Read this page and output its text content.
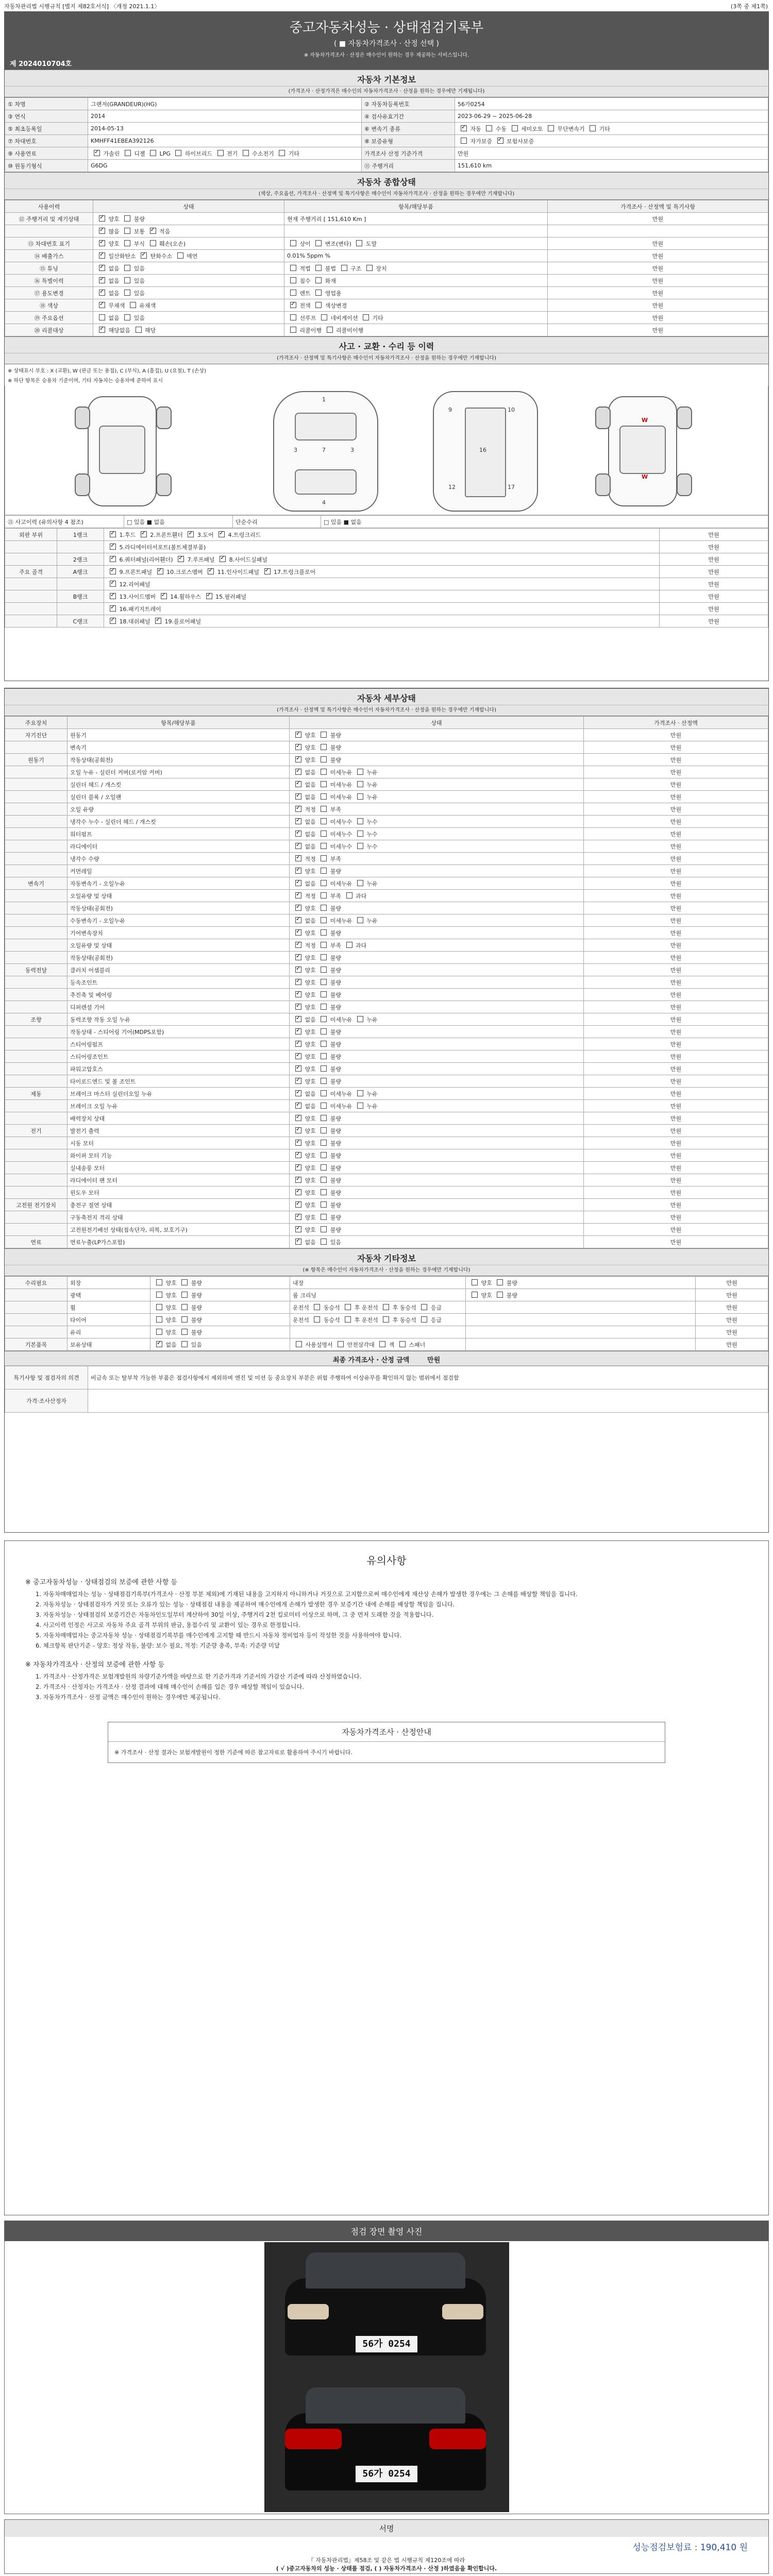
자동차관리법 시행규칙 [별지 제82호서식] 〈개정 2021.1.1〉	(3쪽 중 제1쪽)
중고자동차성능 · 상태점검기록부
( ■ 자동차가격조사 · 산정 선택 )
※ 자동차가격조사 · 산정은 매수인이 원하는 경우 제공하는 서비스입니다.
제 2024010704호
자동차 기본정보
(가격조사 · 산정가격은 매수인의 자동차가격조사 · 산정을 원하는 경우에만 기재됩니다)
① 차명	그랜저(GRANDEUR)(HG)	② 자동차등록번호	56가0254
③ 연식	2014	④ 검사유효기간	2023-06-29 ~ 2025-06-28
⑤ 최초등록일	2014-05-13	⑥ 변속기 종류	✓ 자동  수동  세미오토  무단변속기  기타
⑦ 차대번호	KMHFF41EBEA392126	⑧ 보증유형	자가보증 ✓ 보험사보증
⑨ 사용연료	✓ 가솔린  디젤  LPG  하이브리드  전기  수소전기  기타	가격조사 산정 기준가격	만원
⑩ 원동기형식	G6DG	⑪ 주행거리	151,610 km
자동차 종합상태
(색상, 주요옵션, 가격조사 · 산정액 및 특기사항은 매수인이 자동차가격조사 · 산정을 원하는 경우에만 기재합니다)
사용이력	상태	항목/해당부품	가격조사 · 산정액 및 특기사항
⑫ 주행거리 및 계기상태	✓ 양호  불량	현재 주행거리 [ 151,610 Km ]	만원
	✓ 많음  보통 ✓ 적음		
⑬ 차대번호 표기	✓ 양호  부식  훼손(오손)	상이  변조(변타)  도말	만원
⑭ 배출가스	✓ 일산화탄소 ✓ 탄화수소  매연	0.01% 5ppm %	만원
⑮ 튜닝	✓ 없음  있음	적법  불법  구조  장치	만원
⑯ 특별이력	✓ 없음  있음	침수  화재	만원
⑰ 용도변경	✓ 없음  있음	렌트  영업용	만원
⑱ 색상	✓ 무채색  유채색	✓ 전색  색상변경	만원
⑲ 주요옵션	없음  있음	선루프  네비게이션  기타	만원
⑳ 리콜대상	✓ 해당없음  해당	리콜이행  리콜미이행	만원
사고 · 교환 · 수리 등 이력
(가격조사 · 산정액 및 특기사항은 매수인이 자동차가격조사 · 산정을 원하는 경우에만 기재합니다)
※ 상태표시 부호 : X (교환), W (판금 또는 용접), C (부식), A (흠집), U (요철), T (손상)
※ 하단 항목은 승용차 기준이며, 기타 자동차는 승용차에 준하여 표시
7
3	3
1
4
16
9	10
12	17
W
W
㉑ 사고이력 (유의사항 4 참조)	□ 있음 ■ 없음	단순수리	□ 있음 ■ 없음
외판 부위	1랭크	✓ 1.후드 ✓ 2.프론트휀더 ✓ 3.도어 ✓ 4.트렁크리드	만원
		✓ 5.라디에이터서포트(볼트체결부품)	만원
	2랭크	✓ 6.쿼터패널(리어휀더) ✓ 7.루프패널 ✓ 8.사이드실패널	만원
주요 골격	A랭크	✓ 9.프론트패널 ✓ 10.크로스멤버 ✓ 11.인사이드패널 ✓ 17.트렁크플로어	만원
		✓ 12.리어패널	만원
	B랭크	✓ 13.사이드멤버 ✓ 14.휠하우스 ✓ 15.필러패널	만원
		✓ 16.패키지트레이	만원
	C랭크	✓ 18.대쉬패널 ✓ 19.플로어패널	만원
자동차 세부상태
(가격조사 · 산정액 및 특기사항은 매수인이 자동차가격조사 · 산정을 원하는 경우에만 기재합니다)
주요장치	항목/해당부품	상태	가격조사 · 산정액
자기진단	원동기	✓ 양호  불량	만원
	변속기	✓ 양호  불량	만원
원동기	작동상태(공회전)	✓ 양호  불량	만원
	오일 누유 - 실린더 커버(로커암 커버)	✓ 없음  미세누유  누유	만원
	실린더 헤드 / 개스킷	✓ 없음  미세누유  누유	만원
	실린더 블록 / 오일팬	✓ 없음  미세누유  누유	만원
	오일 유량	✓ 적정  부족	만원
	냉각수 누수 - 실린더 헤드 / 개스킷	✓ 없음  미세누수  누수	만원
	워터펌프	✓ 없음  미세누수  누수	만원
	라디에이터	✓ 없음  미세누수  누수	만원
	냉각수 수량	✓ 적정  부족	만원
	커먼레일	✓ 양호  불량	만원
변속기	자동변속기 - 오일누유	✓ 없음  미세누유  누유	만원
	오일유량 및 상태	✓ 적정  부족  과다	만원
	작동상태(공회전)	✓ 양호  불량	만원
	수동변속기 - 오일누유	✓ 없음  미세누유  누유	만원
	기어변속장치	✓ 양호  불량	만원
	오일유량 및 상태	✓ 적정  부족  과다	만원
	작동상태(공회전)	✓ 양호  불량	만원
동력전달	클러치 어셈블리	✓ 양호  불량	만원
	등속조인트	✓ 양호  불량	만원
	추진축 및 베어링	✓ 양호  불량	만원
	디퍼렌셜 기어	✓ 양호  불량	만원
조향	동력조향 작동 오일 누유	✓ 없음  미세누유  누유	만원
	작동상태 - 스티어링 기어(MDPS포함)	✓ 양호  불량	만원
	스티어링펌프	✓ 양호  불량	만원
	스티어링조인트	✓ 양호  불량	만원
	파워고압호스	✓ 양호  불량	만원
	타이로드엔드 및 볼 조인트	✓ 양호  불량	만원
제동	브레이크 마스터 실린더오일 누유	✓ 없음  미세누유  누유	만원
	브레이크 오일 누유	✓ 없음  미세누유  누유	만원
	배력장치 상태	✓ 양호  불량	만원
전기	발전기 출력	✓ 양호  불량	만원
	시동 모터	✓ 양호  불량	만원
	와이퍼 모터 기능	✓ 양호  불량	만원
	실내송풍 모터	✓ 양호  불량	만원
	라디에이터 팬 모터	✓ 양호  불량	만원
	윈도우 모터	✓ 양호  불량	만원
고전원 전기장치	충전구 절연 상태	✓ 양호  불량	만원
	구동축전지 격리 상태	✓ 양호  불량	만원
	고전원전기배선 상태(접속단자, 피복, 보호기구)	✓ 양호  불량	만원
연료	연료누출(LP가스포함)	✓ 없음  있음	만원
자동차 기타정보
(※ 항목은 매수인이 자동차가격조사 · 산정을 원하는 경우에만 기재합니다)
수리필요	외장	양호  불량	내장	양호  불량	만원
	광택	양호  불량	룸 크리닝	양호  불량	만원
	휠	양호  불량	운전석  동승석  후 운전석  후 동승석  응급		만원
	타이어	양호  불량	운전석  동승석  후 운전석  후 동승석  응급		만원
	유리	양호  불량			만원
기본품목	보유상태	✓ 없음  있음	사용설명서  안전삼각대  잭  스패너		만원
최종 가격조사 · 산정 금액	만원
특기사항 및 점검자의 의견	비금속 또는 탈부착 가능한 부품은 점검사항에서 제외하며 엔진 및 미션 등 중요장치 부분은 위험 주행하여 이상유무를 확인하지 않는 범위에서 점검함
가격·조사산정자	
유의사항
※ 중고자동차성능 · 상태점검의 보증에 관한 사항 등

1. 자동차매매업자는 성능 · 상태점검기록부(가격조사 · 산정 부분 제외)에 기재된 내용을 고지하지 아니하거나 거짓으로 고지함으로써 매수인에게 재산상 손해가 발생한 경우에는 그 손해를 배상할 책임을 집니다.

2. 자동차성능 · 상태점검자가 거짓 또는 오류가 있는 성능 · 상태점검 내용을 제공하여 매수인에게 손해가 발생한 경우 보증기간 내에 손해를 배상할 책임을 집니다.

3. 자동차성능 · 상태점검의 보증기간은 자동차인도일부터 계산하여 30일 이상, 주행거리 2천 킬로미터 이상으로 하며, 그 중 먼저 도래한 것을 적용합니다.

4. 사고이력 인정은 사고로 자동차 주요 골격 부위의 판금, 용접수리 및 교환이 있는 경우로 한정합니다.

5. 자동차매매업자는 중고자동차 성능 · 상태점검기록부를 매수인에게 고지할 때 반드시 자동차 정비업자 등이 작성한 것을 사용하여야 합니다.

6. 체크항목 판단기준 - 양호: 정상 작동, 불량: 보수 필요, 적정: 기준량 충족, 부족: 기준량 미달

※ 자동차가격조사 · 산정의 보증에 관한 사항 등

1. 가격조사 · 산정가격은 보험개발원의 차량기준가액을 바탕으로 한 기준가격과 기준서의 가감산 기준에 따라 산정하였습니다.

2. 가격조사 · 산정자는 가격조사 · 산정 결과에 대해 매수인이 손해를 입은 경우 배상할 책임이 있습니다.

3. 자동차가격조사 · 산정 금액은 매수인이 원하는 경우에만 제공됩니다.

자동차가격조사 · 산정안내
※ 가격조사 · 산정 결과는 보험개발원이 정한 기준에 따른 참고자료로 활용하여 주시기 바랍니다.
점검 장면 촬영 사진
56가 0254
56가 0254
서명
성능점검보험료 : 190,410 원
『 자동차관리법』제58조 및 같은 법 시행규칙 제120조에 따라
( √ )중고자동차의 성능 · 상태를 점검, ( ) 자동차가격조사 · 산정 )하였음을 확인합니다.
